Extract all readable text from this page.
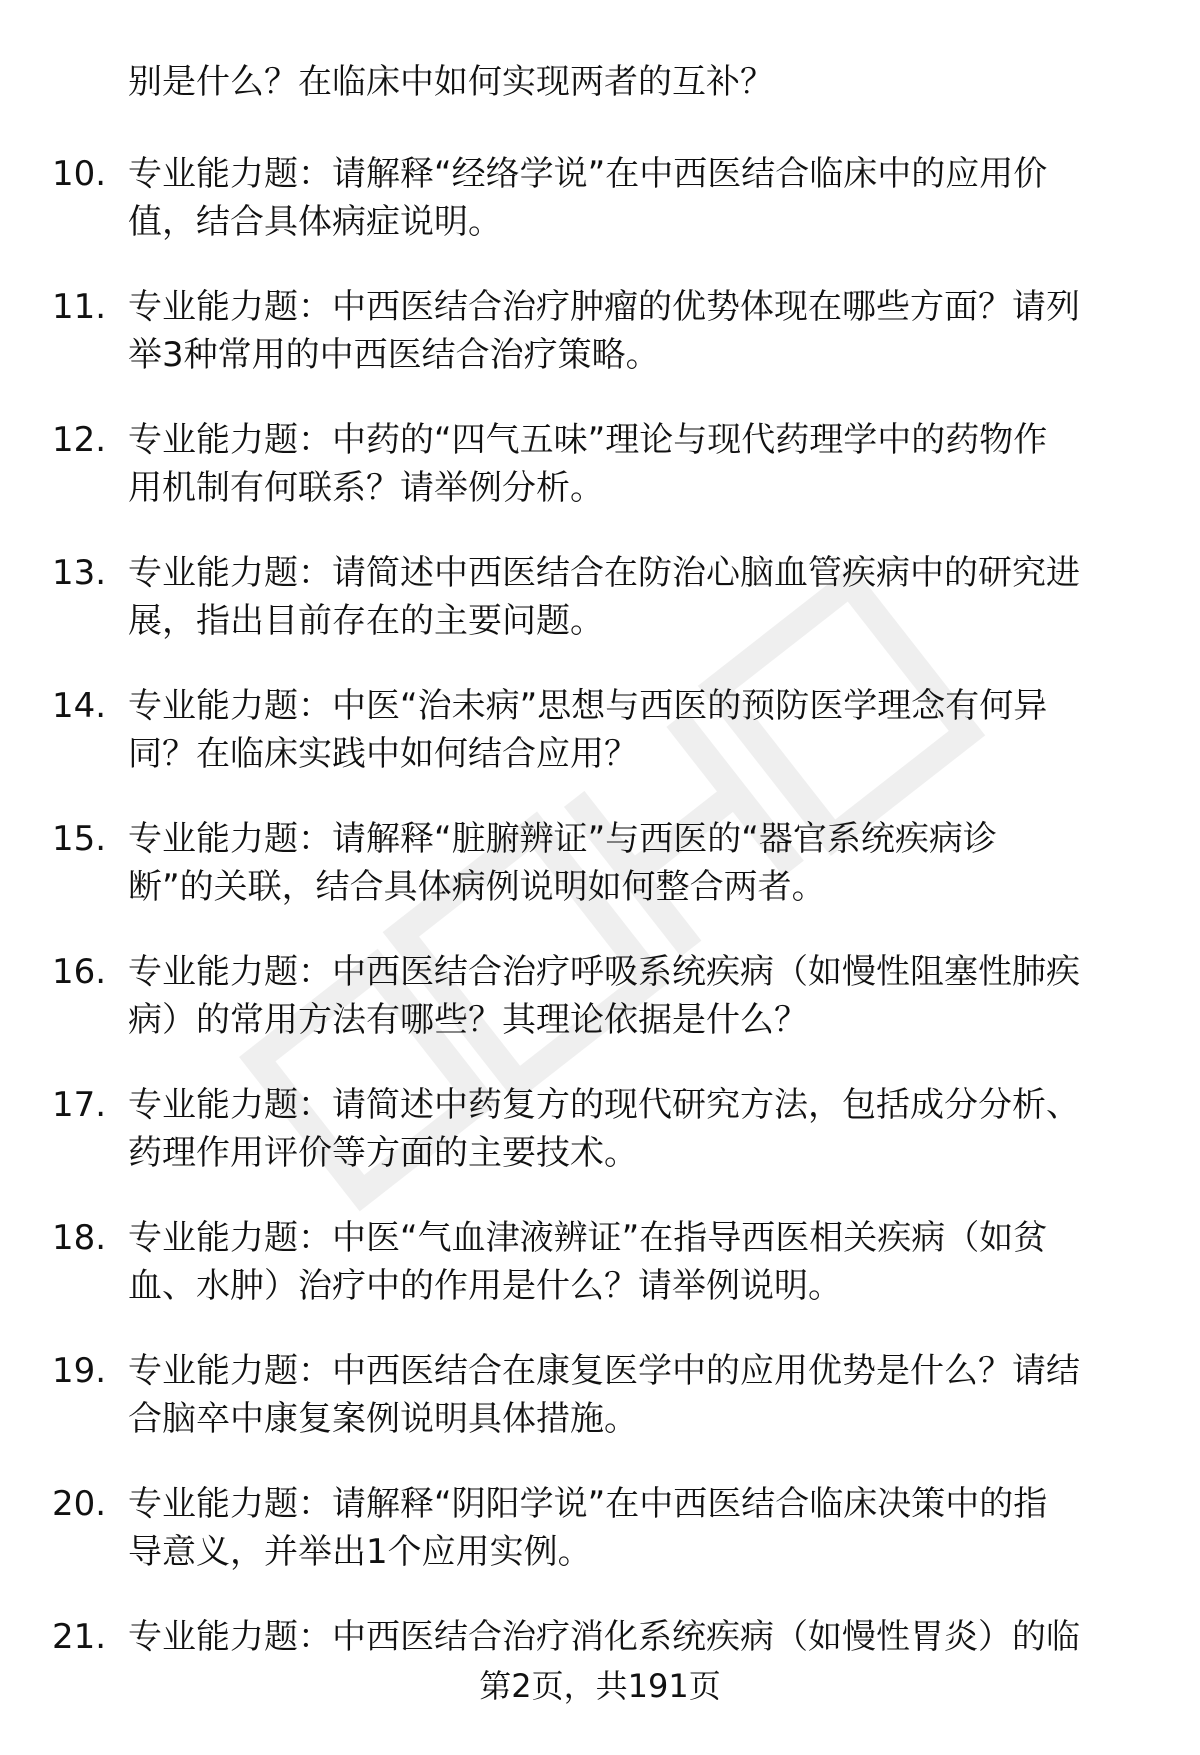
别是什么？在临床中如何实现两者的互补？
10. 专业能力题：请解释“经络学说”在中西医结合临床中的应用价
值，结合具体病症说明。
11. 专业能力题：中西医结合治疗肿瘤的优势体现在哪些方面？请列
举3种常用的中西医结合治疗策略。
12. 专业能力题：中药的“四气五味”理论与现代药理学中的药物作
用机制有何联系？请举例分析。
13. 专业能力题：请简述中西医结合在防治心脑血管疾病中的研究进
展，指出目前存在的主要问题。
14. 专业能力题：中医“治未病”思想与西医的预防医学理念有何异
同？在临床实践中如何结合应用？
15. 专业能力题：请解释“脏腑辨证”与西医的“器官系统疾病诊
断”的关联，结合具体病例说明如何整合两者。
16. 专业能力题：中西医结合治疗呼吸系统疾病（如慢性阻塞性肺疾
病）的常用方法有哪些？其理论依据是什么？
17. 专业能力题：请简述中药复方的现代研究方法，包括成分分析、
药理作用评价等方面的主要技术。
18. 专业能力题：中医“气血津液辨证”在指导西医相关疾病（如贫
血、水肿）治疗中的作用是什么？请举例说明。
19. 专业能力题：中西医结合在康复医学中的应用优势是什么？请结
合脑卒中康复案例说明具体措施。
20. 专业能力题：请解释“阴阳学说”在中西医结合临床决策中的指
导意义，并举出1个应用实例。
21. 专业能力题：中西医结合治疗消化系统疾病（如慢性胃炎）的临
第2页，共191页
